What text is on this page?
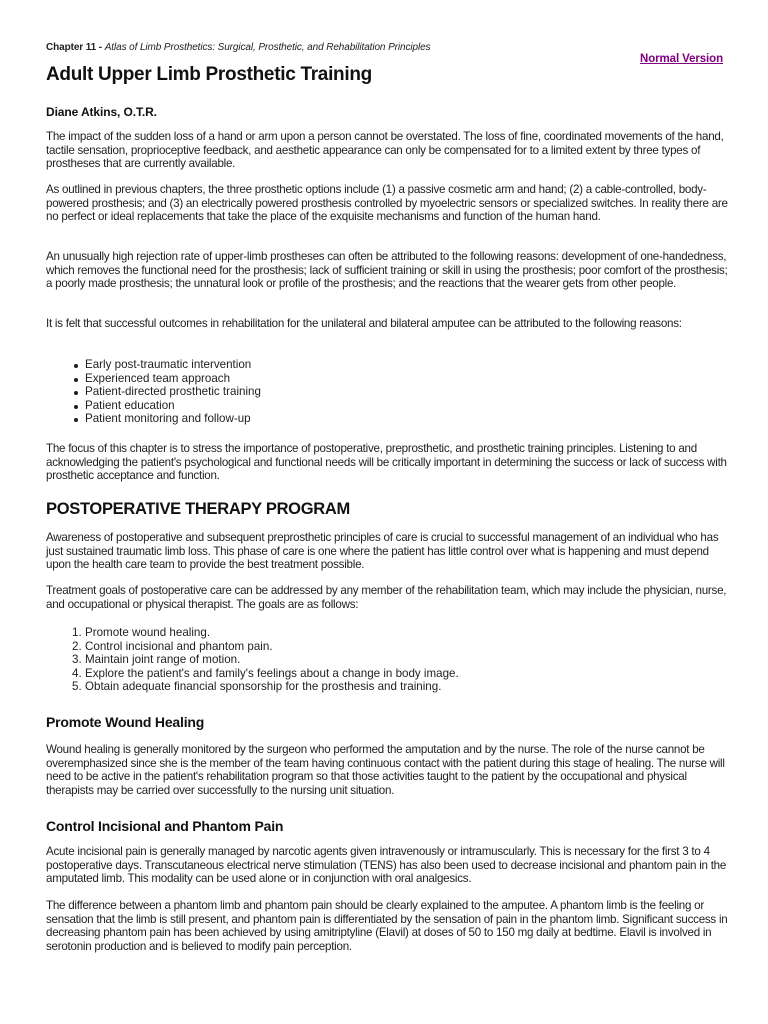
Chapter 11 - Atlas of Limb Prosthetics: Surgical, Prosthetic, and Rehabilitation Principles
Normal Version
Adult Upper Limb Prosthetic Training

Diane Atkins, O.T.R.

The impact of the sudden loss of a hand or arm upon a person cannot be overstated. The loss of fine, coordinated movements of the hand, tactile sensation, proprioceptive feedback, and aesthetic appearance can only be compensated for to a limited extent by three types of prostheses that are currently available.

As outlined in previous chapters, the three prosthetic options include (1) a passive cosmetic arm and hand; (2) a cable-controlled, body-powered prosthesis; and (3) an electrically powered prosthesis controlled by myoelectric sensors or specialized switches. In reality there are no perfect or ideal replacements that take the place of the exquisite mechanisms and function of the human hand.

An unusually high rejection rate of upper-limb prostheses can often be attributed to the following reasons: development of one-handedness, which removes the functional need for the prosthesis; lack of sufficient training or skill in using the prosthesis; poor comfort of the prosthesis; a poorly made prosthesis; the unnatural look or profile of the prosthesis; and the reactions that the wearer gets from other people.

It is felt that successful outcomes in rehabilitation for the unilateral and bilateral amputee can be attributed to the following reasons:

Early post-traumatic intervention
Experienced team approach
Patient-directed prosthetic training
Patient education
Patient monitoring and follow-up

The focus of this chapter is to stress the importance of postoperative, preprosthetic, and prosthetic training principles. Listening to and acknowledging the patient's psychological and functional needs will be critically important in determining the success or lack of success with prosthetic acceptance and function.

POSTOPERATIVE THERAPY PROGRAM

Awareness of postoperative and subsequent preprosthetic principles of care is crucial to successful management of an individual who has just sustained traumatic limb loss. This phase of care is one where the patient has little control over what is happening and must depend upon the health care team to provide the best treatment possible.

Treatment goals of postoperative care can be addressed by any member of the rehabilitation team, which may include the physician, nurse, and occupational or physical therapist. The goals are as follows:

1. Promote wound healing.
2. Control incisional and phantom pain.
3. Maintain joint range of motion.
4. Explore the patient's and family's feelings about a change in body image.
5. Obtain adequate financial sponsorship for the prosthesis and training.
Promote Wound Healing

Wound healing is generally monitored by the surgeon who performed the amputation and by the nurse. The role of the nurse cannot be overemphasized since she is the member of the team having continuous contact with the patient during this stage of healing. The nurse will need to be active in the patient's rehabilitation program so that those activities taught to the patient by the occupational and physical therapists may be carried over successfully to the nursing unit situation.

Control Incisional and Phantom Pain

Acute incisional pain is generally managed by narcotic agents given intravenously or intramuscularly. This is necessary for the first 3 to 4 postoperative days. Transcutaneous electrical nerve stimulation (TENS) has also been used to decrease incisional and phantom pain in the amputated limb. This modality can be used alone or in conjunction with oral analgesics.

The difference between a phantom limb and phantom pain should be clearly explained to the amputee. A phantom limb is the feeling or sensation that the limb is still present, and phantom pain is differentiated by the sensation of pain in the phantom limb. Significant success in decreasing phantom pain has been achieved by using amitriptyline (Elavil) at doses of 50 to 150 mg daily at bedtime. Elavil is involved in serotonin production and is believed to modify pain perception.
